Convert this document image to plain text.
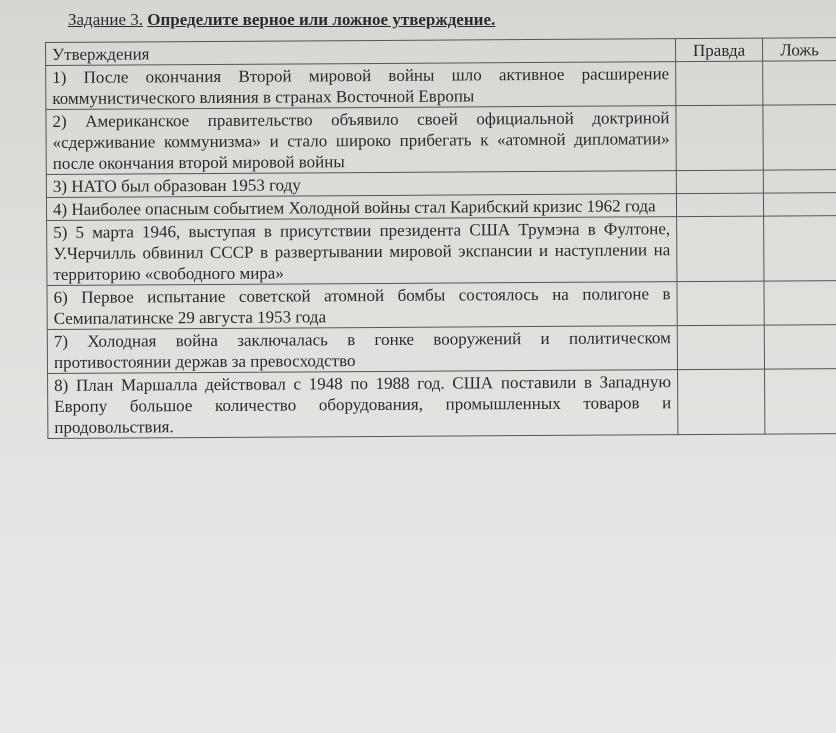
Задание 3. Определите верное или ложное утверждение.
Утверждения	Правда	Ложь
1) После окончания Второй мировой войны шло активное расширение коммунистического влияния в странах Восточной Европы		
2) Американское правительство объявило своей официальной доктриной «сдерживание коммунизма» и стало широко прибегать к «атомной дипломатии» после окончания второй мировой войны		
3) НАТО был образован 1953 году		
4) Наиболее опасным событием Холодной войны стал Карибский кризис 1962 года		
5) 5 марта 1946, выступая в присутствии президента США Трумэна в Фултоне, У.Черчилль обвинил СССР в развертывании мировой экспансии и наступлении на территорию «свободного мира»		
6) Первое испытание советской атомной бомбы состоялось на полигоне в Семипалатинске 29 августа 1953 года		
7) Холодная война заключалась в гонке вооружений и политическом противостоянии держав за превосходство		
8) План Маршалла действовал с 1948 по 1988 год. США поставили в Западную Европу большое количество оборудования, промышленных товаров и продовольствия.		
